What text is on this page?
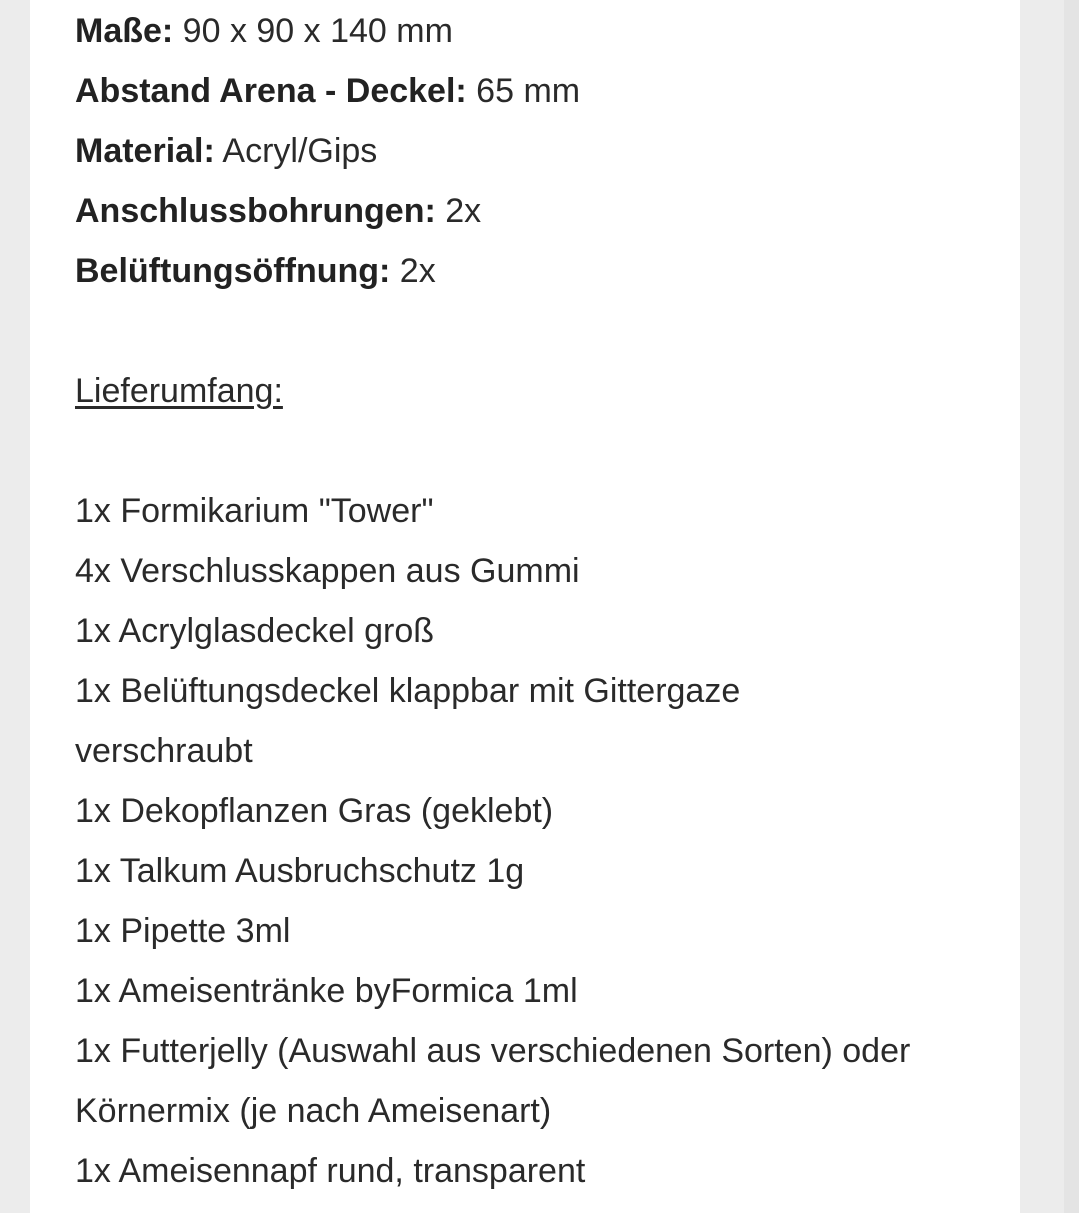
Maße: 90 x 90 x 140 mm
Abstand Arena - Deckel: 65 mm
Material: Acryl/Gips
Anschlussbohrungen: 2x
Belüftungsöffnung: 2x
Lieferumfang:
1x Formikarium "Tower"
4x Verschlusskappen aus Gummi
1x Acrylglasdeckel groß
1x Belüftungsdeckel klappbar mit Gittergaze
verschraubt
1x Dekopflanzen Gras (geklebt)
1x Talkum Ausbruchschutz 1g
1x Pipette 3ml
1x Ameisentränke byFormica 1ml
1x Futterjelly (Auswahl aus verschiedenen Sorten) oder
Körnermix (je nach Ameisenart)
1x Ameisennapf rund, transparent
